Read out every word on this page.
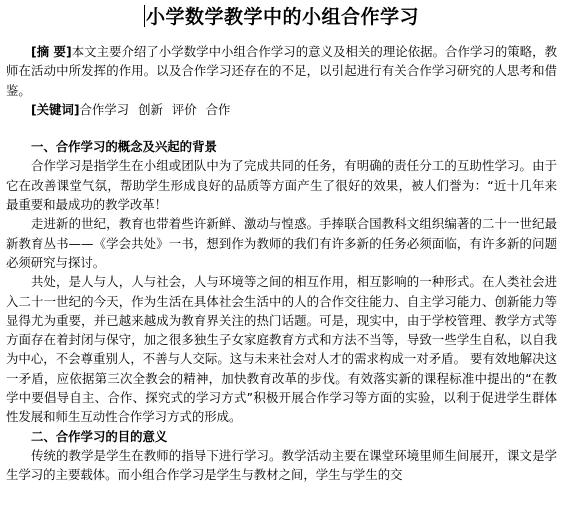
小学数学教学中的小组合作学习

[摘 要]本文主要介绍了小学数学中小组合作学习的意义及相关的理论依据。合作学习的策略，教师在活动中所发挥的作用。以及合作学习还存在的不足，以引起进行有关合作学习研究的人思考和借鉴。

[关键词]合作学习 创新 评价 合作

一、合作学习的概念及兴起的背景

合作学习是指学生在小组或团队中为了完成共同的任务，有明确的责任分工的互助性学习。由于它在改善课堂气氛，帮助学生形成良好的品质等方面产生了很好的效果，被人们誉为：“近十几年来最重要和最成功的教学改革！

走进新的世纪，教育也带着些许新鲜、激动与惶惑。手捧联合国教科文组织编著的二十一世纪最新教育丛书——《学会共处》一书，想到作为教师的我们有许多新的任务必须面临，有许多新的问题必须研究与探讨。

共处，是人与人，人与社会，人与环境等之间的相互作用，相互影响的一种形式。在人类社会进入二十一世纪的今天，作为生活在具体社会生活中的人的合作交往能力、自主学习能力、创新能力等显得尤为重要，并已越来越成为教育界关注的热门话题。可是，现实中，由于学校管理、教学方式等方面存在着封闭与保守，加之很多独生子女家庭教育方式和方法不当等，导致一些学生自私，以自我为中心，不会尊重别人，不善与人交际。这与未来社会对人才的需求构成一对矛盾。 要有效地解决这一矛盾，应依据第三次全教会的精神，加快教育改革的步伐。有效落实新的课程标准中提出的“在教学中要倡导自主、合作、探究式的学习方式”积极开展合作学习等方面的实验，以利于促进学生群体性发展和师生互动性合作学习方式的形成。

二、合作学习的目的意义

传统的教学是学生在教师的指导下进行学习。教学活动主要在课堂环境里师生间展开，课文是学生学习的主要载体。而小组合作学习是学生与教材之间，学生与学生的交
